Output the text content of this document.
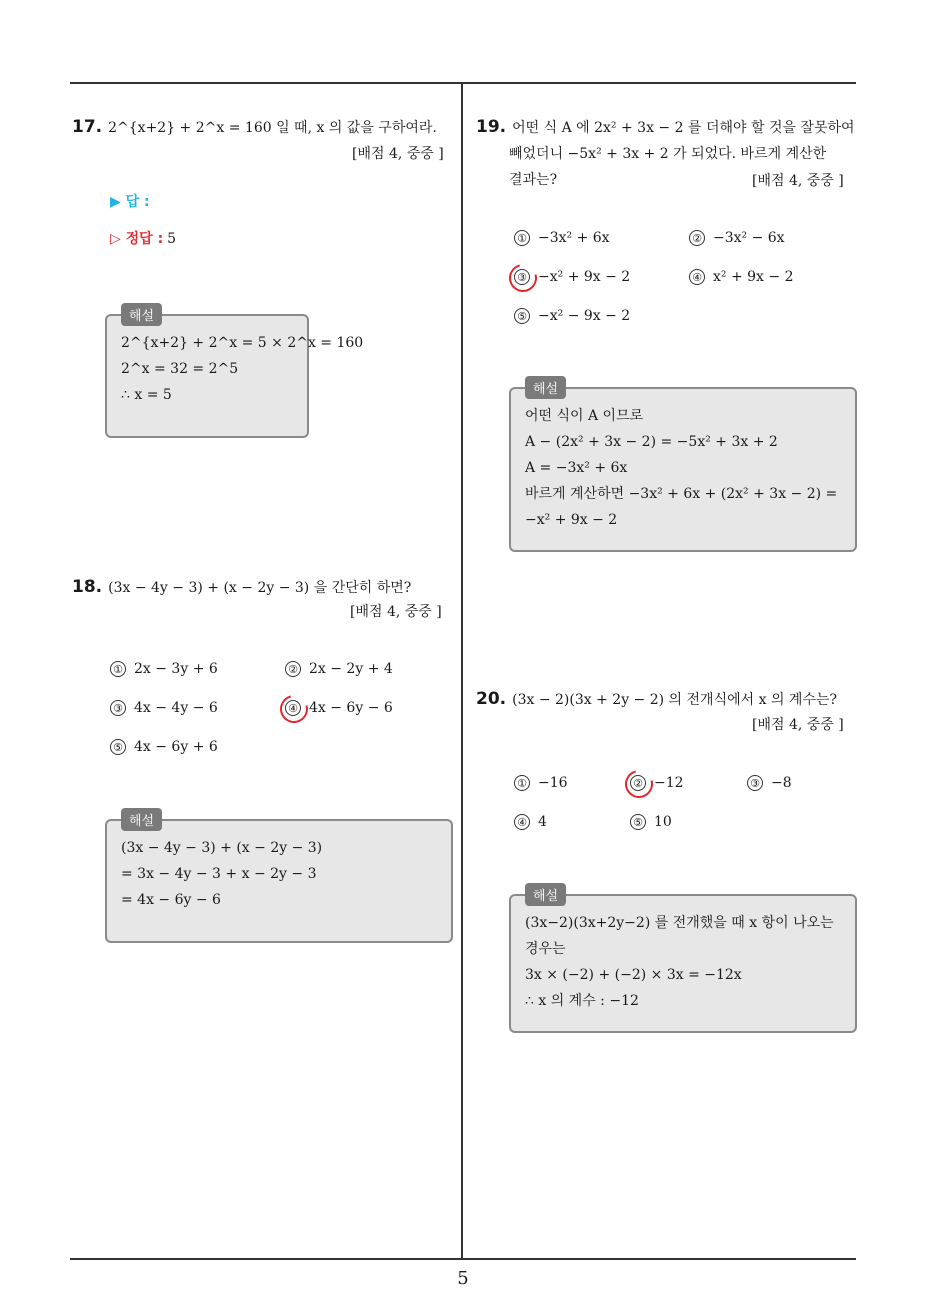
5
17. 2^{x+2} + 2^x = 160 일 때, x 의 값을 구하여라.
[배점 4, 중중 ]
▶ 답 :
▷ 정답 : 5
해설
2^{x+2} + 2^x = 5 × 2^x = 160
2^x = 32 = 2^5
∴ x = 5
18. (3x − 4y − 3) + (x − 2y − 3) 을 간단히 하면?
[배점 4, 중중 ]
① 2x − 3y + 6	② 2x − 2y + 4
③ 4x − 4y − 6	④ 4x − 6y − 6
⑤ 4x − 6y + 6
해설
(3x − 4y − 3) + (x − 2y − 3)
= 3x − 4y − 3 + x − 2y − 3
= 4x − 6y − 6
19. 어떤 식 A 에 2x² + 3x − 2 를 더해야 할 것을 잘못하여
빼었더니 −5x² + 3x + 2 가 되었다. 바르게 계산한
결과는?	[배점 4, 중중 ]
① −3x² + 6x	② −3x² − 6x
③ −x² + 9x − 2	④ x² + 9x − 2
⑤ −x² − 9x − 2
해설
어떤 식이 A 이므로
A − (2x² + 3x − 2) = −5x² + 3x + 2
A = −3x² + 6x
바르게 계산하면 −3x² + 6x + (2x² + 3x − 2) =
−x² + 9x − 2
20. (3x − 2)(3x + 2y − 2) 의 전개식에서 x 의 계수는?
[배점 4, 중중 ]
① −16	② −12	③ −8
④ 4	⑤ 10
해설
(3x−2)(3x+2y−2) 를 전개했을 때 x 항이 나오는
경우는
3x × (−2) + (−2) × 3x = −12x
∴ x 의 계수 : −12
